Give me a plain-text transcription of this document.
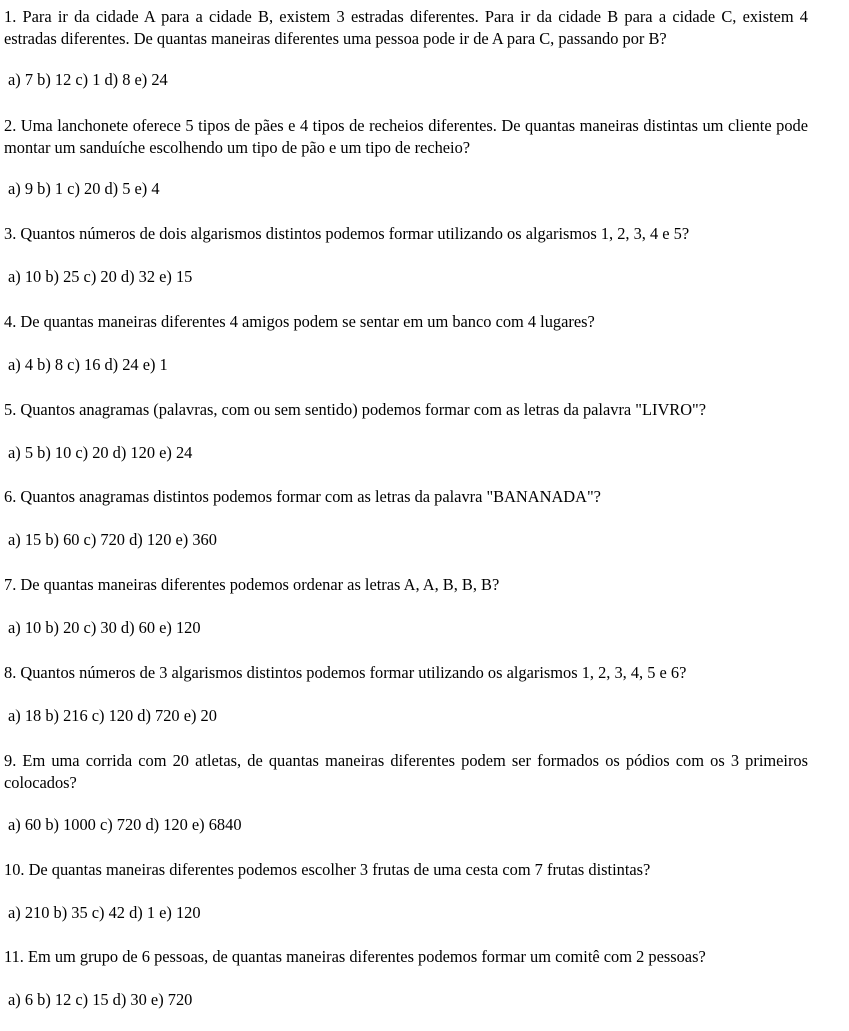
1. Para ir da cidade A para a cidade B, existem 3 estradas diferentes. Para ir da cidade B para a cidade C, existem 4 estradas diferentes. De quantas maneiras diferentes uma pessoa pode ir de A para C, passando por B?

a) 7 b) 12 c) 1 d) 8 e) 24

2. Uma lanchonete oferece 5 tipos de pães e 4 tipos de recheios diferentes. De quantas maneiras distintas um cliente pode montar um sanduíche escolhendo um tipo de pão e um tipo de recheio?

a) 9 b) 1 c) 20 d) 5 e) 4

3. Quantos números de dois algarismos distintos podemos formar utilizando os algarismos 1, 2, 3, 4 e 5?

a) 10 b) 25 c) 20 d) 32 e) 15

4. De quantas maneiras diferentes 4 amigos podem se sentar em um banco com 4 lugares?

a) 4 b) 8 c) 16 d) 24 e) 1

5. Quantos anagramas (palavras, com ou sem sentido) podemos formar com as letras da palavra "LIVRO"?

a) 5 b) 10 c) 20 d) 120 e) 24

6. Quantos anagramas distintos podemos formar com as letras da palavra "BANANADA"?

a) 15 b) 60 c) 720 d) 120 e) 360

7. De quantas maneiras diferentes podemos ordenar as letras A, A, B, B, B?

a) 10 b) 20 c) 30 d) 60 e) 120

8. Quantos números de 3 algarismos distintos podemos formar utilizando os algarismos 1, 2, 3, 4, 5 e 6?

a) 18 b) 216 c) 120 d) 720 e) 20

9. Em uma corrida com 20 atletas, de quantas maneiras diferentes podem ser formados os pódios com os 3 primeiros colocados?

a) 60 b) 1000 c) 720 d) 120 e) 6840

10. De quantas maneiras diferentes podemos escolher 3 frutas de uma cesta com 7 frutas distintas?

a) 210 b) 35 c) 42 d) 1 e) 120

11. Em um grupo de 6 pessoas, de quantas maneiras diferentes podemos formar um comitê com 2 pessoas?

a) 6 b) 12 c) 15 d) 30 e) 720
